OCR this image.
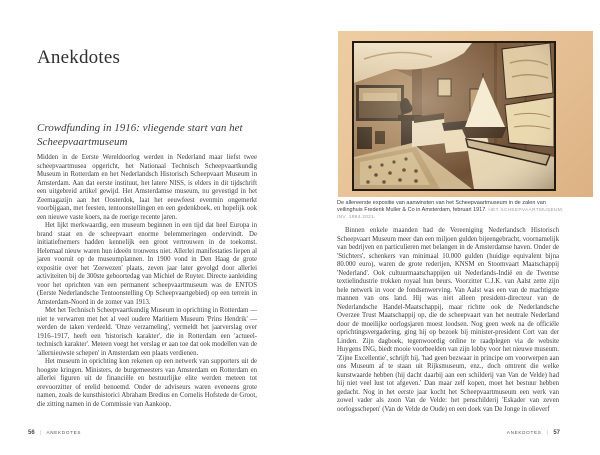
Anekdotes
Crowdfunding in 1916: vliegende start van het Scheepvaartmuseum

Midden in de Eerste Wereldoorlog werden in Nederland maar liefst twee scheepvaartmusea opgericht, het Nationaal Technisch Scheepvaartkundig Museum in Rotterdam en het Nederlandsch Historisch Scheepvaart Museum in Amsterdam. Aan dat eerste instituut, het latere NISS, is elders in dit tijdschrift een uitgebreid artikel gewijd. Het Amsterdamse museum, nu gevestigd in het Zeemagazijn aan het Oosterdok, laat het eeuwfeest evenmin ongemerkt voorbijgaan, met feesten, tentoonstellingen en een gedenkboek, en hopelijk ook een nieuwe vaste koers, na de roerige recente jaren.

Het lijkt merkwaardig, een museum beginnen in een tijd dat heel Europa in brand staat en de scheepvaart enorme belemmeringen ondervindt. De initiatiefnemers hadden kennelijk een groot vertrouwen in de toekomst. Helemaal nieuw waren hun ideeën trouwens niet. Allerlei manifestaties liepen al jaren vooruit op de museumplannen. In 1900 vond in Den Haag de grote expositie over het 'Zeewezen' plaats, zeven jaar later gevolgd door allerlei activiteiten bij de 300ste geboortedag van Michiel de Ruyter. Directe aanleiding voor het oprichten van een permanent scheepvaartmuseum was de ENTOS (Eerste Nederlandsche Tentoonstelling Op Scheepvaartgebied) op een terrein in Amsterdam-Noord in de zomer van 1913.

Met het Technisch Scheepvaartkundig Museum in oprichting in Rotterdam — niet te verwarren met het al veel oudere Maritiem Museum 'Prins Hendrik' — werden de taken verdeeld. 'Onze verzameling', vermeldt het jaarverslag over 1916–1917, heeft een 'historisch karakter', die in Rotterdam een 'actueel-technisch karakter'. Meteen voegt het verslag er aan toe dat ook modellen van de 'allernieuwste schepen' in Amsterdam een plaats verdienen.

Het museum in oprichting kon rekenen op een netwerk van supporters uit de hoogste kringen. Ministers, de burgemeesters van Amsterdam en Rotterdam en allerlei figuren uit de financiële en bestuurlijke elite werden meteen tot erevoorzitter of erelid benoemd. Onder de adviseurs waren eveneens grote namen, zoals de kunsthistorici Abraham Bredius en Cornelis Hofstede de Groot, die zitting namen in de Commissie van Aankoop.

56 | ANEKDOTES
De allereerste expositie van aanwinsten van het Scheepvaartmuseum in de zalen van veilinghuis Frederik Muller & Co in Amsterdam, februari 1917. HET SCHEEPVAARTMUSEUM, INV. 1994.2021.

Binnen enkele maanden had de Vereeniging Nederlandsch Historisch Scheepvaart Museum meer dan een miljoen gulden bijeengebracht, voornamelijk van bedrijven en particulieren met belangen in de Amsterdamse haven. Onder de 'Stichters', schenkers van minimaal 10.000 gulden (huidige equivalent bijna 80.000 euro), waren de grote rederijen, KNSM en Stoomvaart Maatschappij 'Nederland'. Ook cultuurmaatschappijen uit Nederlands-Indië en de Twentse textielindustrie trokken royaal hun beurs. Voorzitter C.J.K. van Aalst zette zijn hele netwerk in voor de fondsenwerving. Van Aalst was een van de machtigste mannen van ons land. Hij was niet alleen president-directeur van de Nederlandsche Handel-Maatschappij, maar richtte ook de Nederlandsche Overzee Trust Maatschappij op, die de scheepvaart van het neutrale Nederland door de moeilijke oorlogsjaren moest loodsen. Nog geen week na de officiële oprichtingsvergadering, ging hij op bezoek bij minister-president Cort van der Linden. Zijn dagboek, tegenwoordig online te raadplegen via de website Huygens ING, biedt mooie voorbeelden van zijn lobby voor het nieuwe museum. 'Zijne Excellentie', schrijft hij, 'had geen bezwaar in principe om voorwerpen aan ons Museum af te staan uit Rijksmuseum, enz., doch omtrent die welke kunstwaarde hebben (hij dacht daarbij aan een schilderij van Van de Velde) had hij niet veel lust tot afgeven.' Dan maar zelf kopen, moet het bestuur hebben gedacht. Nog in het eerste jaar kocht het Scheepvaartmuseum een werk van zowel vader als zoon Van de Velde: het penschilderij 'Eskader van zeven oorlogsschepen' (Van de Velde de Oude) en een doek van De Jonge in olieverf

ANEKDOTES | 57
